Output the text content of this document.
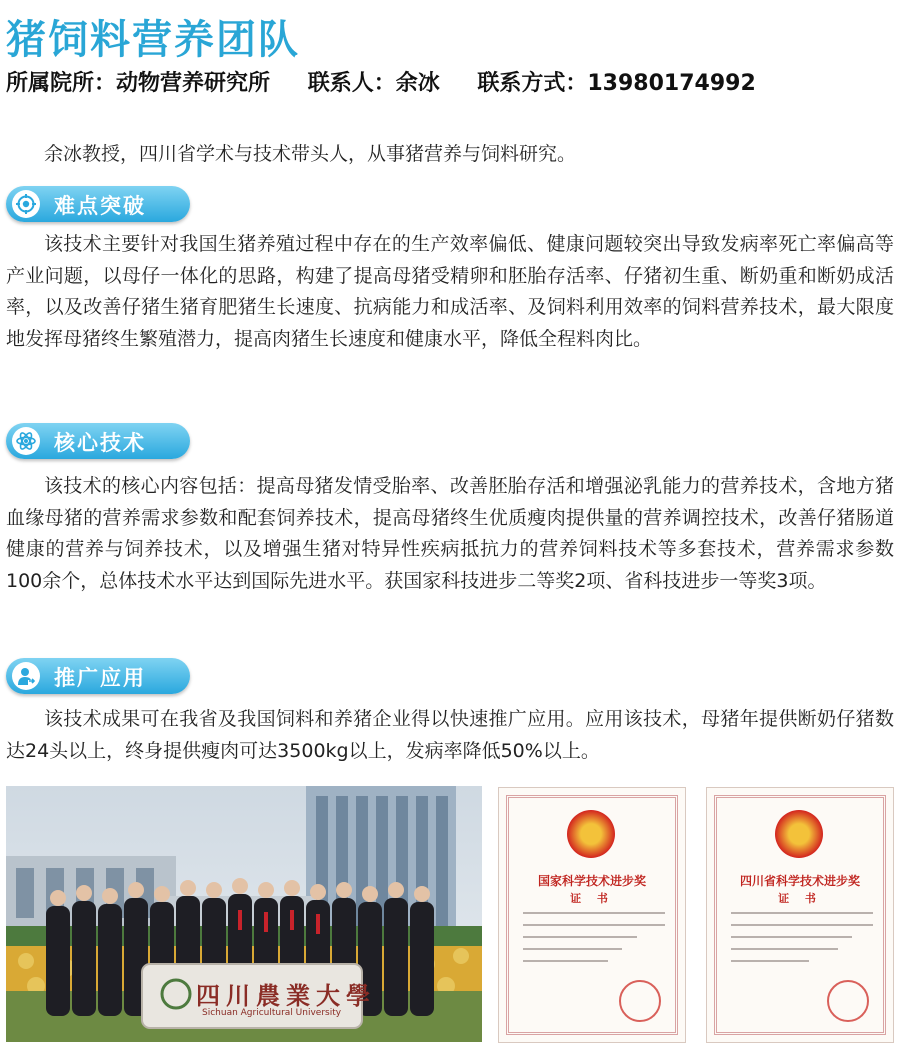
猪饲料营养团队
所属院所：动物营养研究所 联系人：余冰 联系方式：13980174992

余冰教授，四川省学术与技术带头人，从事猪营养与饲料研究。

难点突破

该技术主要针对我国生猪养殖过程中存在的生产效率偏低、健康问题较突出导致发病率死亡率偏高等产业问题，以母仔一体化的思路，构建了提高母猪受精卵和胚胎存活率、仔猪初生重、断奶重和断奶成活率，以及改善仔猪生猪育肥猪生长速度、抗病能力和成活率、及饲料利用效率的饲料营养技术，最大限度地发挥母猪终生繁殖潜力，提高肉猪生长速度和健康水平，降低全程料肉比。

核心技术

该技术的核心内容包括：提高母猪发情受胎率、改善胚胎存活和增强泌乳能力的营养技术，含地方猪血缘母猪的营养需求参数和配套饲养技术，提高母猪终生优质瘦肉提供量的营养调控技术，改善仔猪肠道健康的营养与饲养技术，以及增强生猪对特异性疾病抵抗力的营养饲料技术等多套技术，营养需求参数100余个，总体技术水平达到国际先进水平。获国家科技进步二等奖2项、省科技进步一等奖3项。

推广应用

该技术成果可在我省及我国饲料和养猪企业得以快速推广应用。应用该技术，母猪年提供断奶仔猪数达24头以上，终身提供瘦肉可达3500kg以上，发病率降低50%以上。

四川農業大學
Sichuan Agricultural University
国家科学技术进步奖
证 书
四川省科学技术进步奖
证 书
